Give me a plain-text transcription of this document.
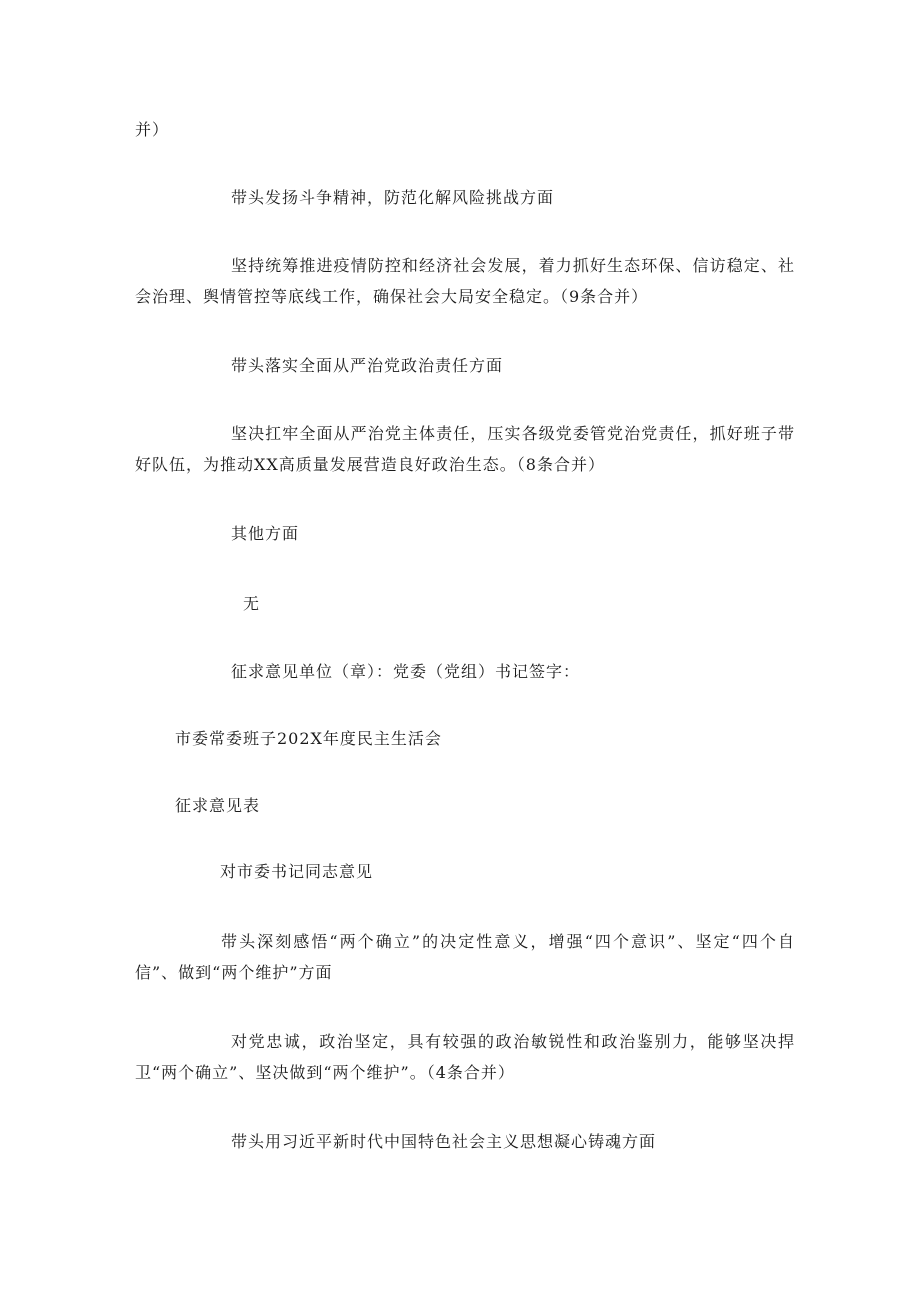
并）
带头发扬斗争精神，防范化解风险挑战方面
坚持统筹推进疫情防控和经济社会发展，着力抓好生态环保、信访稳定、社会治理、舆情管控等底线工作，确保社会大局安全稳定。（9条合并）
带头落实全面从严治党政治责任方面
坚决扛牢全面从严治党主体责任，压实各级党委管党治党责任，抓好班子带好队伍，为推动XX高质量发展营造良好政治生态。（8条合并）
其他方面
无
征求意见单位（章）：党委（党组）书记签字：
市委常委班子202X年度民主生活会
征求意见表
对市委书记同志意见
带头深刻感悟“两个确立”的决定性意义，增强“四个意识”、坚定“四个自信”、做到“两个维护”方面
对党忠诚，政治坚定，具有较强的政治敏锐性和政治鉴别力，能够坚决捍卫“两个确立”、坚决做到“两个维护”。（4条合并）
带头用习近平新时代中国特色社会主义思想凝心铸魂方面
